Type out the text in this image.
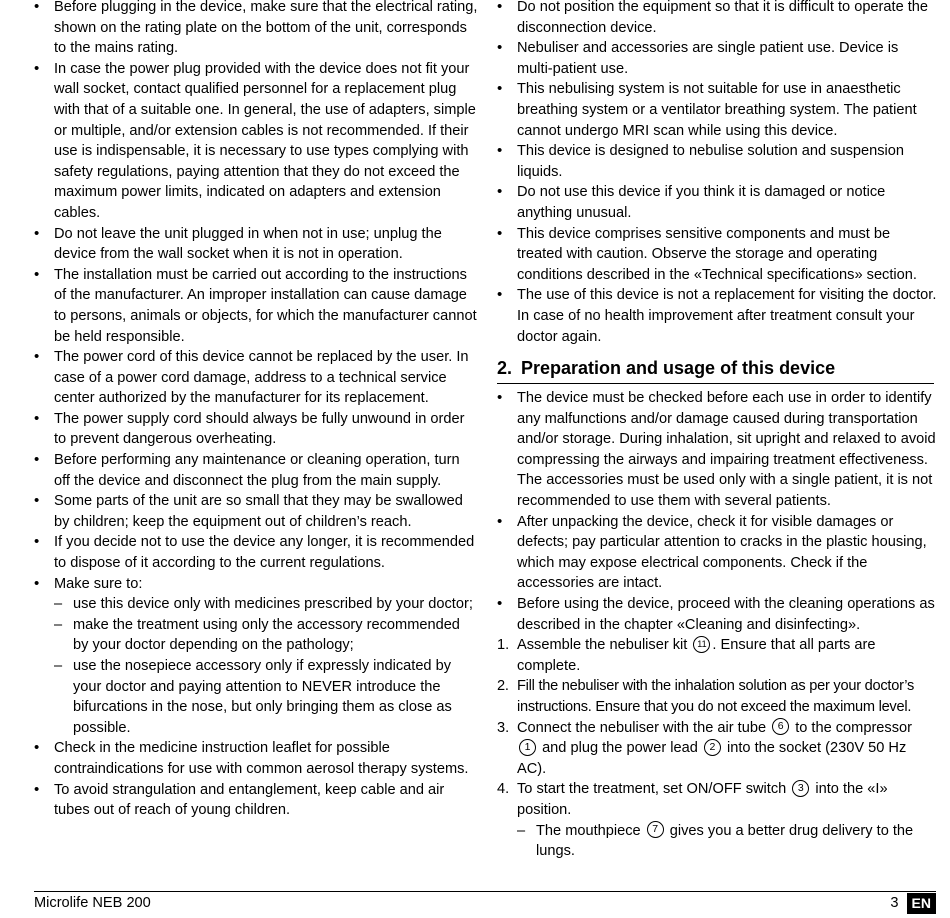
• Before plugging in the device, make sure that the electrical rating, shown on the rating plate on the bottom of the unit, corresponds to the mains rating.
• In case the power plug provided with the device does not fit your wall socket, contact qualified personnel for a replacement plug with that of a suitable one. In general, the use of adapters, simple or multiple, and/or extension cables is not recommended. If their use is indispensable, it is necessary to use types complying with safety regulations, paying attention that they do not exceed the maximum power limits, indicated on adapters and extension cables.
• Do not leave the unit plugged in when not in use; unplug the device from the wall socket when it is not in operation.
• The installation must be carried out according to the instructions of the manufacturer. An improper installation can cause damage to persons, animals or objects, for which the manufacturer cannot be held responsible.
• The power cord of this device cannot be replaced by the user. In case of a power cord damage, address to a technical service center authorized by the manufacturer for its replacement.
• The power supply cord should always be fully unwound in order to prevent dangerous overheating.
• Before performing any maintenance or cleaning operation, turn off the device and disconnect the plug from the main supply.
• Some parts of the unit are so small that they may be swallowed by children; keep the equipment out of children’s reach.
• If you decide not to use the device any longer, it is recommended to dispose of it according to the current regulations.
• Make sure to:
– use this device only with medicines prescribed by your doctor;
– make the treatment using only the accessory recommended by your doctor depending on the pathology;
– use the nosepiece accessory only if expressly indicated by your doctor and paying attention to NEVER introduce the bifurcations in the nose, but only bringing them as close as possible.
• Check in the medicine instruction leaflet for possible contraindications for use with common aerosol therapy systems.
• To avoid strangulation and entanglement, keep cable and air tubes out of reach of young children.
• Do not position the equipment so that it is difficult to operate the disconnection device.
• Nebuliser and accessories are single patient use. Device is multi-patient use.
• This nebulising system is not suitable for use in anaesthetic breathing system or a ventilator breathing system. The patient cannot undergo MRI scan while using this device.
• This device is designed to nebulise solution and suspension liquids.
• Do not use this device if you think it is damaged or notice anything unusual.
• This device comprises sensitive components and must be treated with caution. Observe the storage and operating conditions described in the «Technical specifications» section.
• The use of this device is not a replacement for visiting the doctor. In case of no health improvement after treatment consult your doctor again.
2. Preparation and usage of this device
• The device must be checked before each use in order to identify any malfunctions and/or damage caused during transportation and/or storage. During inhalation, sit upright and relaxed to avoid compressing the airways and impairing treatment effectiveness. The accessories must be used only with a single patient, it is not recommended to use them with several patients.
• After unpacking the device, check it for visible damages or defects; pay particular attention to cracks in the plastic housing, which may expose electrical components. Check if the accessories are intact.
• Before using the device, proceed with the cleaning operations as described in the chapter «Cleaning and disinfecting».
1. Assemble the nebuliser kit 11 . Ensure that all parts are complete.
2. Fill the nebuliser with the inhalation solution as per your doctor’s instructions. Ensure that you do not exceed the maximum level.
3. Connect the nebuliser with the air tube 6 to the compressor 1 and plug the power lead 2 into the socket (230V 50 Hz AC).
4. To start the treatment, set ON/OFF switch 3 into the «I» position.
– The mouthpiece 7 gives you a better drug delivery to the lungs.
Microlife NEB 200	3 EN
